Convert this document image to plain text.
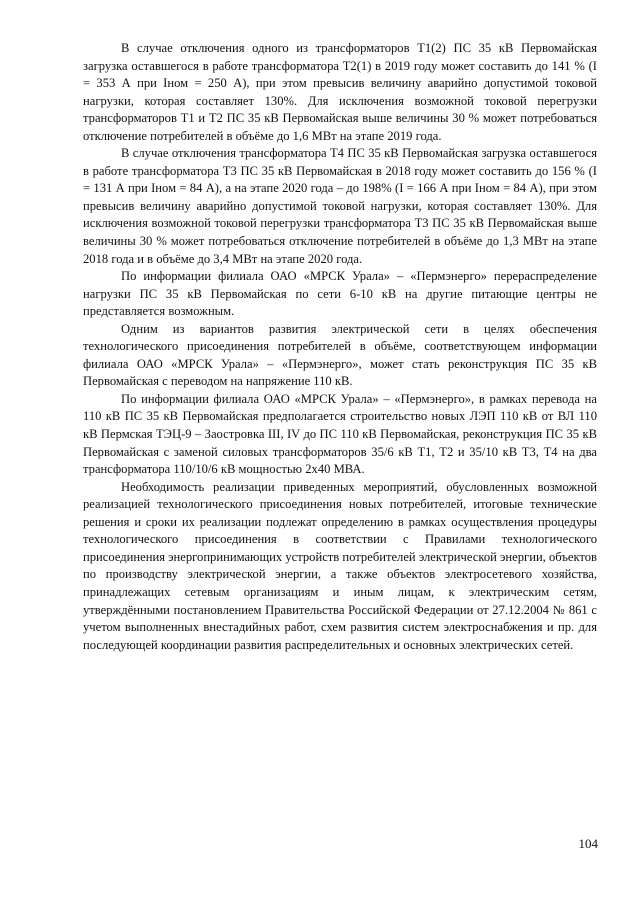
В случае отключения одного из трансформаторов Т1(2) ПС 35 кВ Первомайская загрузка оставшегося в работе трансформатора Т2(1) в 2019 году может составить до 141 % (I = 353 А при Iном = 250 А), при этом превысив величину аварийно допустимой токовой нагрузки, которая составляет 130%. Для исключения возможной токовой перегрузки трансформаторов Т1 и Т2 ПС 35 кВ Первомайская выше величины 30 % может потребоваться отключение потребителей в объёме до 1,6 МВт на этапе 2019 года.

В случае отключения трансформатора Т4 ПС 35 кВ Первомайская загрузка оставшегося в работе трансформатора Т3 ПС 35 кВ Первомайская в 2018 году может составить до 156 % (I = 131 А при Iном = 84 А), а на этапе 2020 года – до 198% (I = 166 А при Iном = 84 А), при этом превысив величину аварийно допустимой токовой нагрузки, которая составляет 130%. Для исключения возможной токовой перегрузки трансформатора Т3 ПС 35 кВ Первомайская выше величины 30 % может потребоваться отключение потребителей в объёме до 1,3 МВт на этапе 2018 года и в объёме до 3,4 МВт на этапе 2020 года.

По информации филиала ОАО «МРСК Урала» – «Пермэнерго» перераспределение нагрузки ПС 35 кВ Первомайская по сети 6-10 кВ на другие питающие центры не представляется возможным.

Одним из вариантов развития электрической сети в целях обеспечения технологического присоединения потребителей в объёме, соответствующем информации филиала ОАО «МРСК Урала» – «Пермэнерго», может стать реконструкция ПС 35 кВ Первомайская с переводом на напряжение 110 кВ.

По информации филиала ОАО «МРСК Урала» – «Пермэнерго», в рамках перевода на 110 кВ ПС 35 кВ Первомайская предполагается строительство новых ЛЭП 110 кВ от ВЛ 110 кВ Пермская ТЭЦ-9 – Заостровка III, IV до ПС 110 кВ Первомайская, реконструкция ПС 35 кВ Первомайская с заменой силовых трансформаторов 35/6 кВ Т1, Т2 и 35/10 кВ Т3, Т4 на два трансформатора 110/10/6 кВ мощностью 2х40 МВА.

Необходимость реализации приведенных мероприятий, обусловленных возможной реализацией технологического присоединения новых потребителей, итоговые технические решения и сроки их реализации подлежат определению в рамках осуществления процедуры технологического присоединения в соответствии с Правилами технологического присоединения энергопринимающих устройств потребителей электрической энергии, объектов по производству электрической энергии, а также объектов электросетевого хозяйства, принадлежащих сетевым организациям и иным лицам, к электрическим сетям, утверждёнными постановлением Правительства Российской Федерации от 27.12.2004 № 861 с учетом выполненных внестадийных работ, схем развития систем электроснабжения и пр. для последующей координации развития распределительных и основных электрических сетей.

104
